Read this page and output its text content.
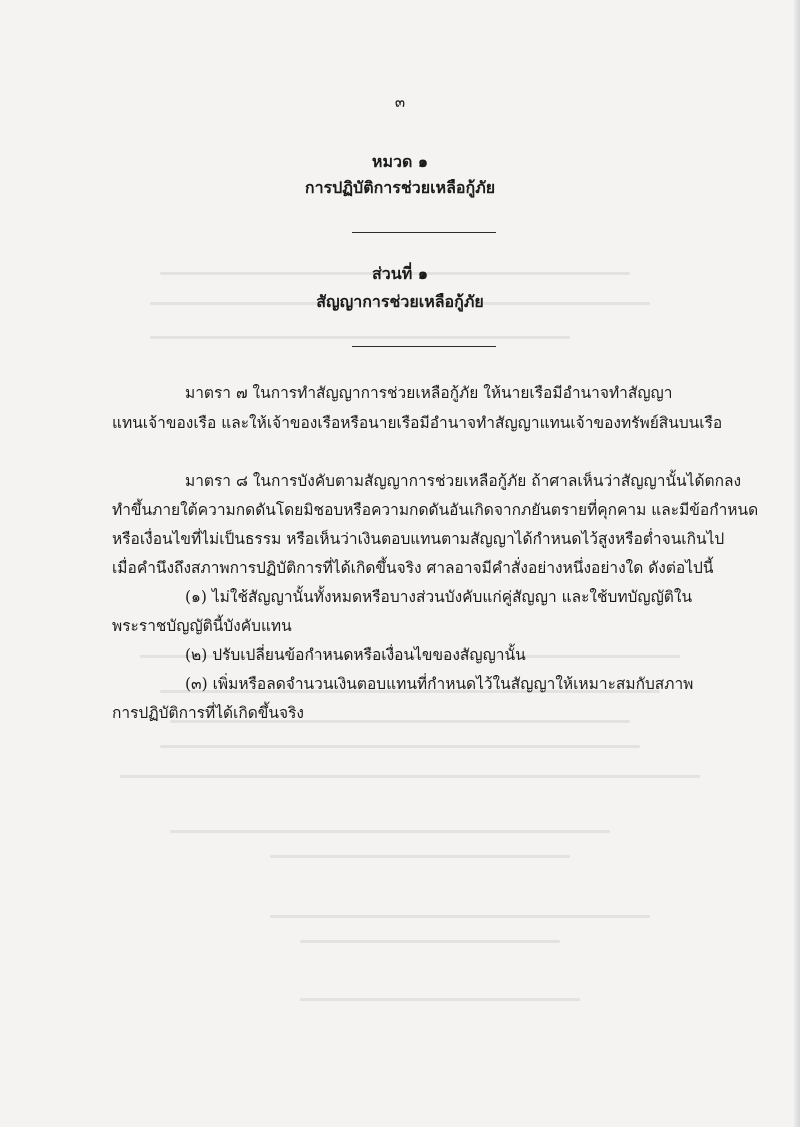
๓
หมวด ๑
การปฏิบัติการช่วยเหลือกู้ภัย
ส่วนที่ ๑
สัญญาการช่วยเหลือกู้ภัย
มาตรา ๗ ในการทำสัญญาการช่วยเหลือกู้ภัย ให้นายเรือมีอำนาจทำสัญญา
แทนเจ้าของเรือ และให้เจ้าของเรือหรือนายเรือมีอำนาจทำสัญญาแทนเจ้าของทรัพย์สินบนเรือ
มาตรา ๘ ในการบังคับตามสัญญาการช่วยเหลือกู้ภัย ถ้าศาลเห็นว่าสัญญานั้นได้ตกลง
ทำขึ้นภายใต้ความกดดันโดยมิชอบหรือความกดดันอันเกิดจากภยันตรายที่คุกคาม และมีข้อกำหนด
หรือเงื่อนไขที่ไม่เป็นธรรม หรือเห็นว่าเงินตอบแทนตามสัญญาได้กำหนดไว้สูงหรือต่ำจนเกินไป
เมื่อคำนึงถึงสภาพการปฏิบัติการที่ได้เกิดขึ้นจริง ศาลอาจมีคำสั่งอย่างหนึ่งอย่างใด ดังต่อไปนี้
(๑) ไม่ใช้สัญญานั้นทั้งหมดหรือบางส่วนบังคับแก่คู่สัญญา และใช้บทบัญญัติใน
พระราชบัญญัตินี้บังคับแทน
(๒) ปรับเปลี่ยนข้อกำหนดหรือเงื่อนไขของสัญญานั้น
(๓) เพิ่มหรือลดจำนวนเงินตอบแทนที่กำหนดไว้ในสัญญาให้เหมาะสมกับสภาพ
การปฏิบัติการที่ได้เกิดขึ้นจริง
